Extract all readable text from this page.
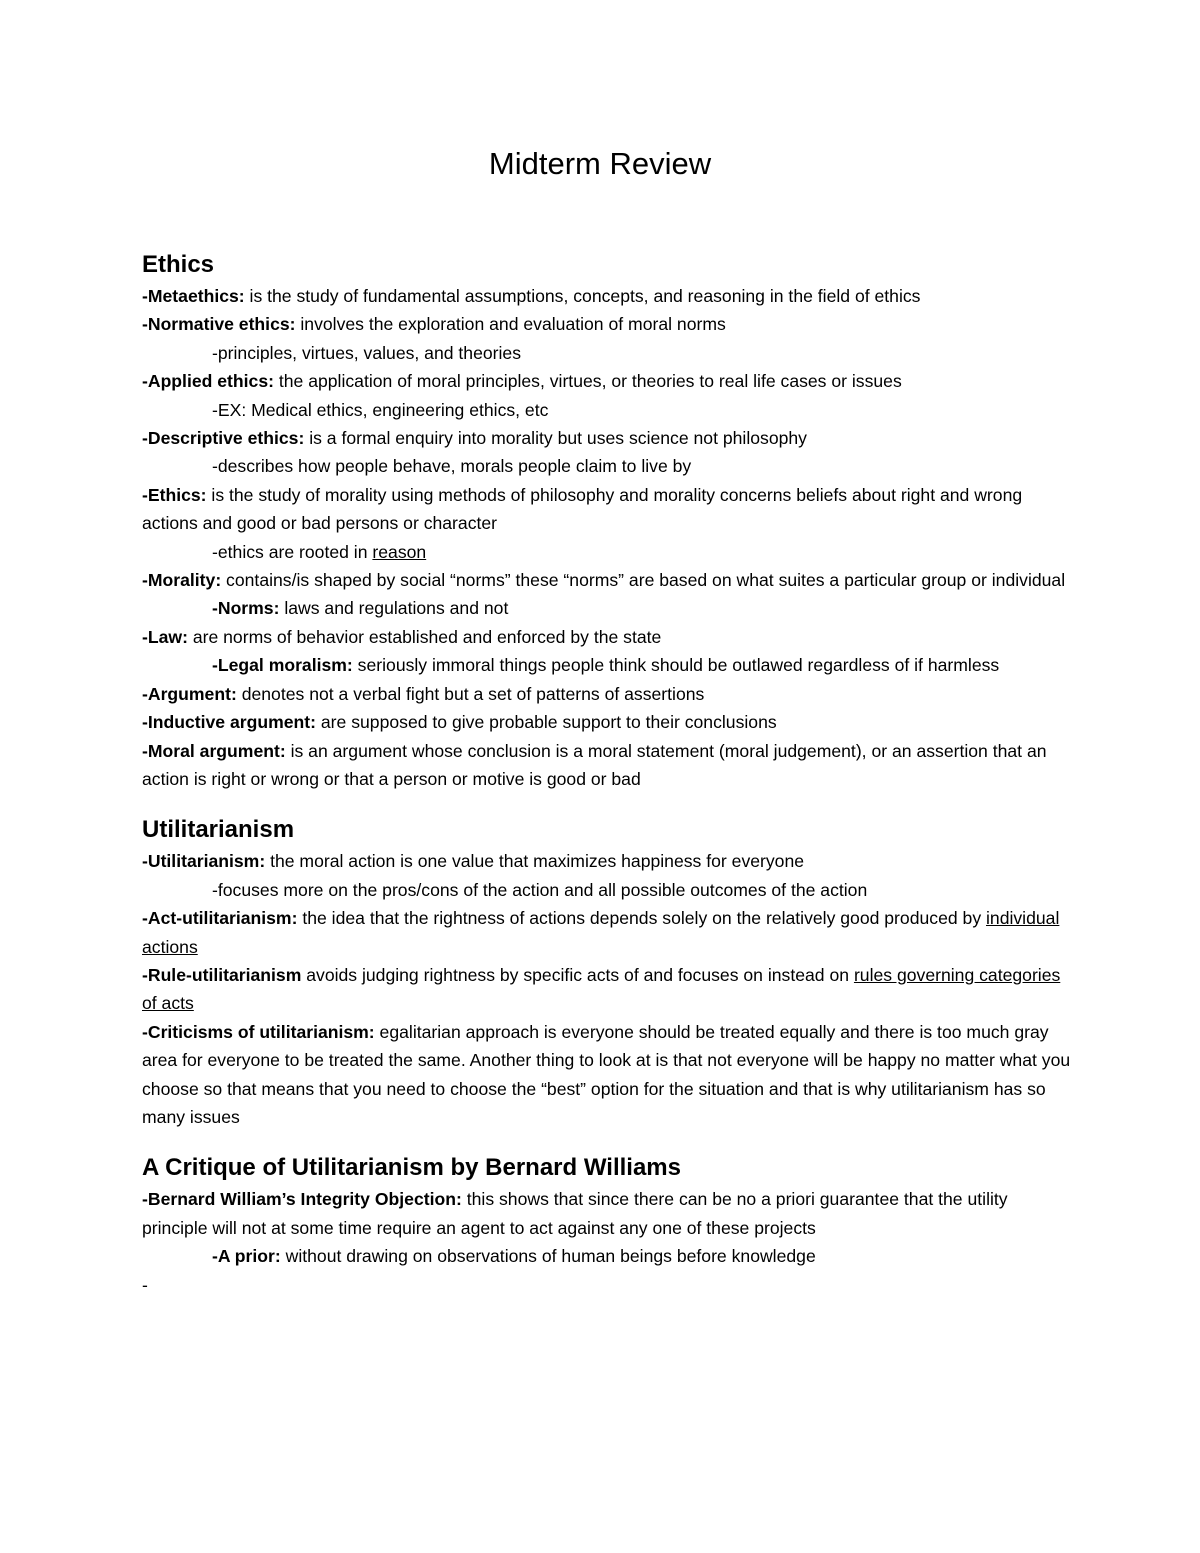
Midterm Review
Ethics

-Metaethics: is the study of fundamental assumptions, concepts, and reasoning in the field of ethics

-Normative ethics: involves the exploration and evaluation of moral norms

-principles, virtues, values, and theories

-Applied ethics: the application of moral principles, virtues, or theories to real life cases or issues

-EX: Medical ethics, engineering ethics, etc

-Descriptive ethics: is a formal enquiry into morality but uses science not philosophy

-describes how people behave, morals people claim to live by

-Ethics: is the study of morality using methods of philosophy and morality concerns beliefs about right and wrong actions and good or bad persons or character

-ethics are rooted in reason

-Morality: contains/is shaped by social “norms” these “norms” are based on what suites a particular group or individual

-Norms: laws and regulations and not

-Law: are norms of behavior established and enforced by the state

-Legal moralism: seriously immoral things people think should be outlawed regardless of if harmless

-Argument: denotes not a verbal fight but a set of patterns of assertions

-Inductive argument: are supposed to give probable support to their conclusions

-Moral argument: is an argument whose conclusion is a moral statement (moral judgement), or an assertion that an action is right or wrong or that a person or motive is good or bad

Utilitarianism

-Utilitarianism: the moral action is one value that maximizes happiness for everyone

-focuses more on the pros/cons of the action and all possible outcomes of the action

-Act-utilitarianism: the idea that the rightness of actions depends solely on the relatively good produced by individual actions

-Rule-utilitarianism avoids judging rightness by specific acts of and focuses on instead on rules governing categories of acts

-Criticisms of utilitarianism: egalitarian approach is everyone should be treated equally and there is too much gray area for everyone to be treated the same. Another thing to look at is that not everyone will be happy no matter what you choose so that means that you need to choose the “best” option for the situation and that is why utilitarianism has so many issues

A Critique of Utilitarianism by Bernard Williams

-Bernard William’s Integrity Objection: this shows that since there can be no a priori guarantee that the utility principle will not at some time require an agent to act against any one of these projects

-A prior: without drawing on observations of human beings before knowledge

-
